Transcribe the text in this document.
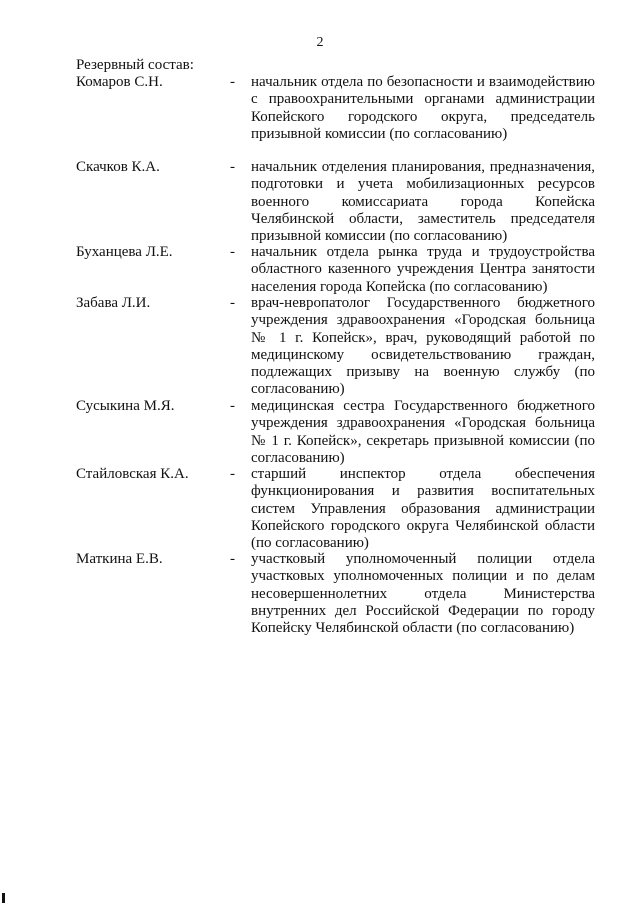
2
Резервный состав:
Комаров С.Н.	- начальник отдела по безопасности и взаимодействию с правоохранительными органами администрации Копейского городского округа, председатель призывной комиссии (по согласованию)
Скачков К.А.	- начальник отделения планирования, предназначения, подготовки и учета мобилизационных ресурсов военного комиссариата города Копейска Челябинской области, заместитель председателя призывной комиссии (по согласованию)
Буханцева Л.Е.	- начальник отдела рынка труда и трудоустройства областного казенного учреждения Центра занятости населения города Копейска (по согласованию)
Забава Л.И.	- врач-невропатолог Государственного бюджетного учреждения здравоохранения «Городская больница № 1 г. Копейск», врач, руководящий работой по медицинскому освидетельствованию граждан, подлежащих призыву на военную службу (по согласованию)
Сусыкина М.Я.	- медицинская сестра Государственного бюджетного учреждения здравоохранения «Городская больница № 1 г. Копейск», секретарь призывной комиссии (по согласованию)
Стайловская К.А.	- старший инспектор отдела обеспечения функционирования и развития воспитательных систем Управления образования администрации Копейского городского округа Челябинской области (по согласованию)
Маткина Е.В.	- участковый уполномоченный полиции отдела участковых уполномоченных полиции и по делам несовершеннолетних отдела Министерства внутренних дел Российской Федерации по городу Копейску Челябинской области (по согласованию)
